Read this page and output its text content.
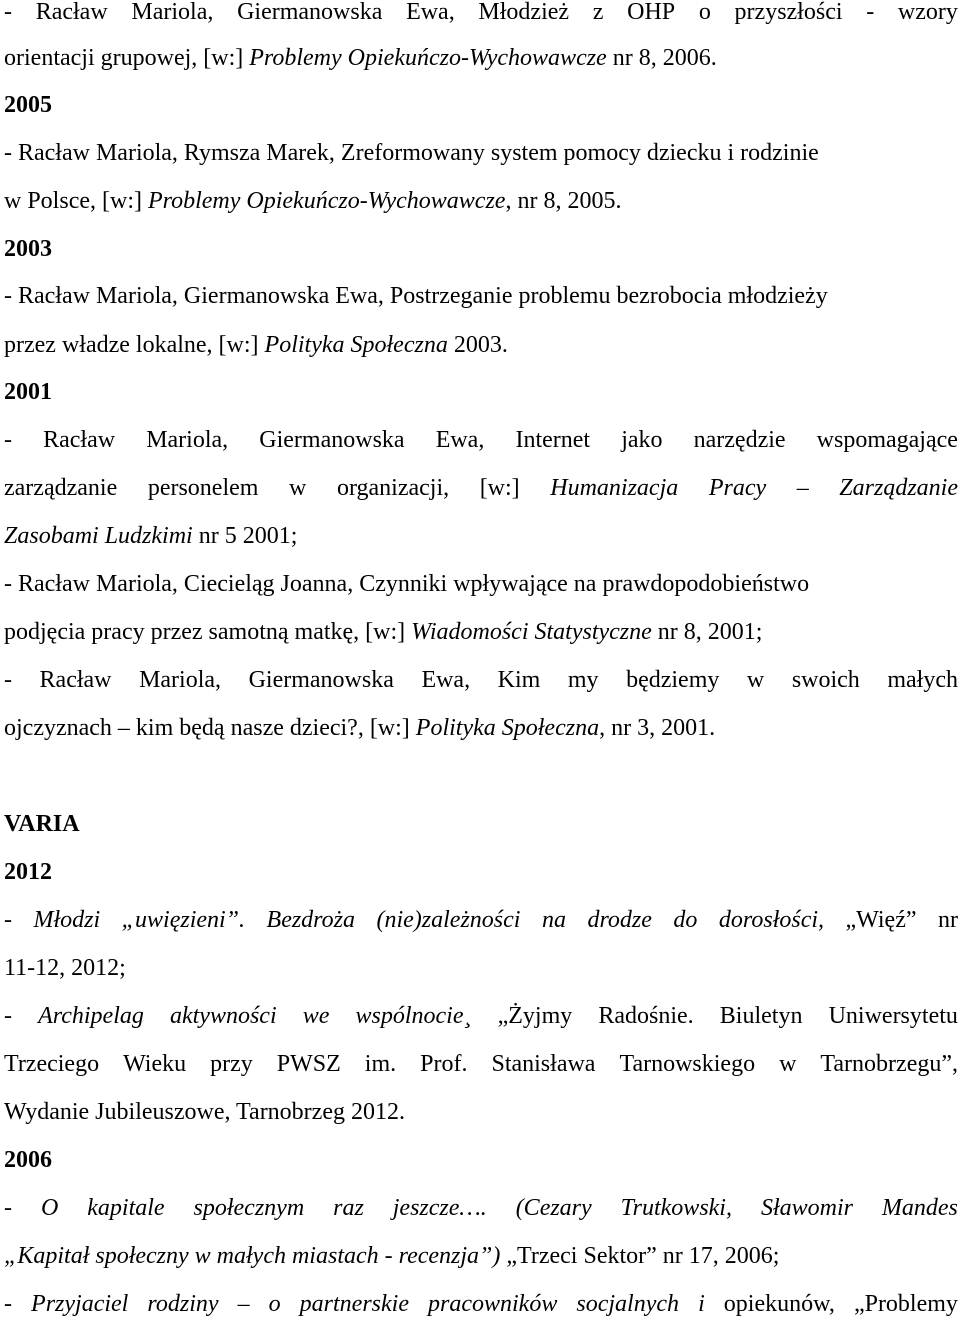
- Racław Mariola, Giermanowska Ewa, Młodzież z OHP o przyszłości - wzory
orientacji grupowej, [w:] Problemy Opiekuńczo-Wychowawcze nr 8, 2006.
2005
- Racław Mariola, Rymsza Marek, Zreformowany system pomocy dziecku i rodzinie
w Polsce, [w:] Problemy Opiekuńczo-Wychowawcze, nr 8, 2005.
2003
- Racław Mariola, Giermanowska Ewa, Postrzeganie problemu bezrobocia młodzieży
przez władze lokalne, [w:] Polityka Społeczna 2003.
2001
- Racław Mariola, Giermanowska Ewa, Internet jako narzędzie wspomagające
zarządzanie personelem w organizacji, [w:] Humanizacja Pracy – Zarządzanie
Zasobami Ludzkimi nr 5 2001;
- Racław Mariola, Ciecieląg Joanna, Czynniki wpływające na prawdopodobieństwo
podjęcia pracy przez samotną matkę, [w:] Wiadomości Statystyczne nr 8, 2001;
- Racław Mariola, Giermanowska Ewa, Kim my będziemy w swoich małych
ojczyznach – kim będą nasze dzieci?, [w:] Polityka Społeczna, nr 3, 2001.
VARIA
2012
- Młodzi „uwięzieni”. Bezdroża (nie)zależności na drodze do dorosłości, „Więź” nr
11-12, 2012;
- Archipelag aktywności we wspólnocie¸ „Żyjmy Radośnie. Biuletyn Uniwersytetu
Trzeciego Wieku przy PWSZ im. Prof. Stanisława Tarnowskiego w Tarnobrzegu”,
Wydanie Jubileuszowe, Tarnobrzeg 2012.
2006
- O kapitale społecznym raz jeszcze…. (Cezary Trutkowski, Sławomir Mandes
„Kapitał społeczny w małych miastach - recenzja”) „Trzeci Sektor” nr 17, 2006;
- Przyjaciel rodziny – o partnerskie pracowników socjalnych i opiekunów, „Problemy
